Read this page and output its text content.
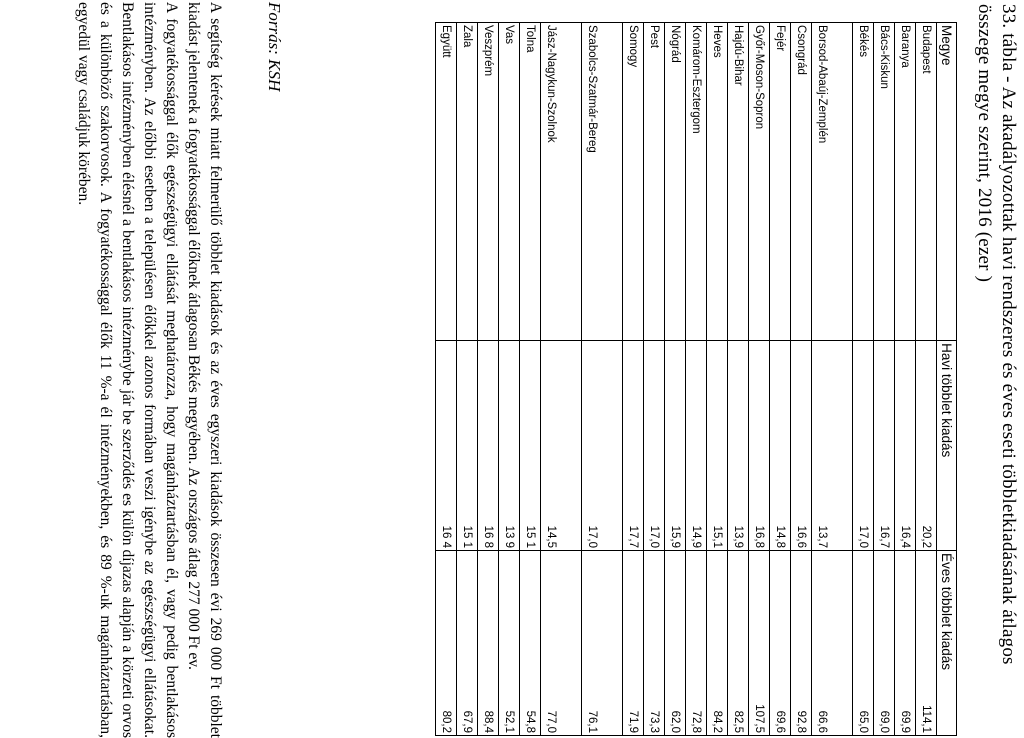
33. tábla - Az akadályozottak havi rendszeres és éves eseti többletkiadásának átlagos
összege megye szerint, 2016 (ezer )
Megye	Havi többlet kiadás	Éves többlet kiadás
Budapest	20,2	114,1
Baranya	16,4	69,9
Bács-Kiskun	16,7	69,0
Békés	17,0	65,0
Borsod-Abaúj-Zemplén	13,7	66,6
Csongrád	16,6	92,8
Fejér	14,8	69,6
Győr-Moson-Sopron	16,8	107,5
Hajdú-Bihar	13,9	82,5
Heves	15,1	84,2
Komárom-Esztergom	14,9	72,8
Nógrád	15,9	62,0
Pest	17,0	73,3
Somogy	17,7	71,9
Szabolcs-Szatmár-Bereg	17,0	76,1
Jász-Nagykun-Szolnok	14,5	77,0
Tolna	15 1	54,8
Vas	13 9	52,1
Veszprém	16 8	88,4
Zala	15 1	67,9
Együtt	16 4	80,2
Forrás: KSH

A segítség kérések miatt felmerülő többlet kiadások és az éves egyszeri kiadások összesen évi 269 000 Ft többlet kiadást jelentenek a fogyatékossággal élőknek átlagosan Békés megyében. Az országos átlag 277 000 Ft ev.

A fogyatékossággal élők egészségügyi ellátását meghatározza, hogy magánháztartásban él, vagy pedig bentlakásos intézményben. Az előbbi esetben a településen élőkkel azonos formában veszi igénybe az egészségügyi ellátásokat. Bentlakásos intézményben élésnél a bentlakásos intézménybe jár be szerződés es külön díjazas alapján a körzeti orvos és a különböző szakorvosok. A fogyatékossággal élők 11 %-a él intézményekben, és 89 %-uk magánháztartásban, egyedül vagy családjuk körében.
